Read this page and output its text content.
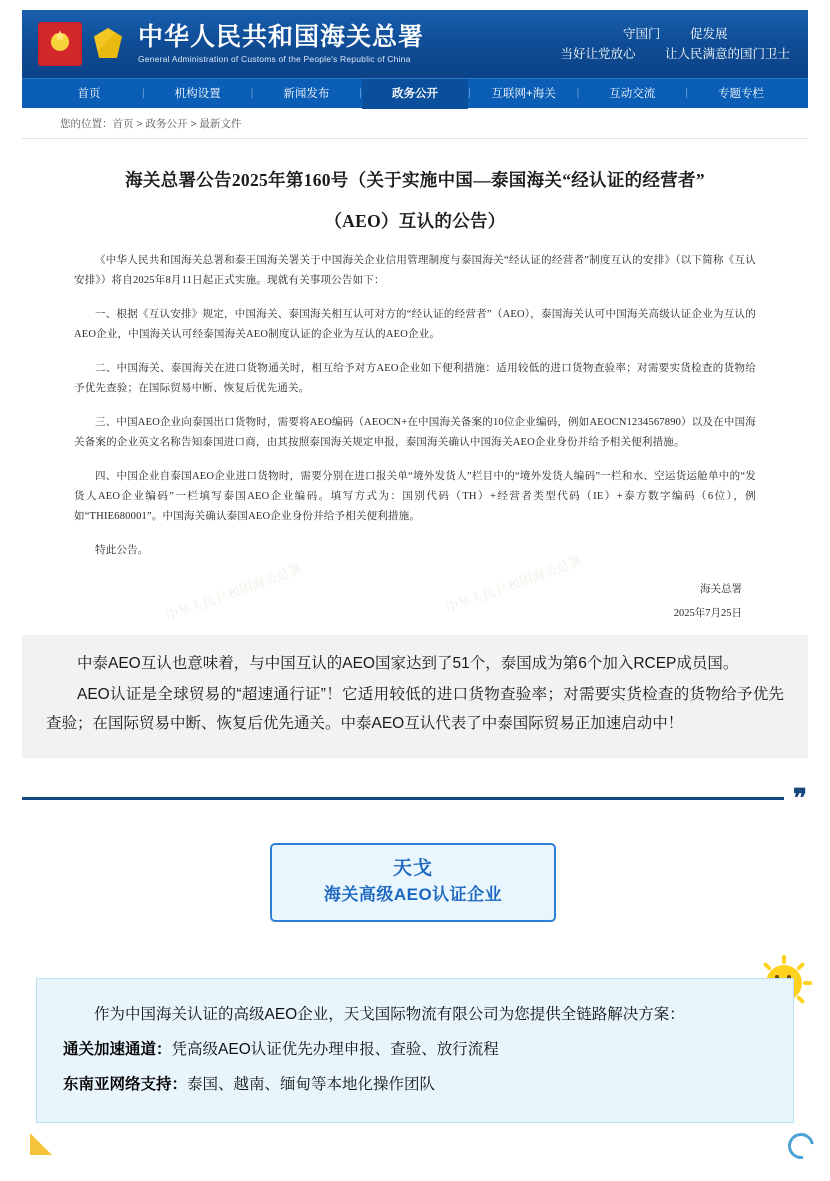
★
中华人民共和国海关总署
General Administration of Customs of the People's Republic of China
守国门 促发展
当好让党放心 让人民满意的国门卫士
首页	|	机构设置	|	新闻发布	|	政务公开	|	互联网+海关	|	互动交流	|	专题专栏
您的位置：首页 > 政务公开 > 最新文件
海关总署公告2025年第160号（关于实施中国—泰国海关“经认证的经营者”
（AEO）互认的公告）
《中华人民共和国海关总署和泰王国海关署关于中国海关企业信用管理制度与泰国海关“经认证的经营者”制度互认的安排》（以下简称《互认安排》）将自2025年8月11日起正式实施。现就有关事项公告如下：
一、根据《互认安排》规定，中国海关、泰国海关相互认可对方的“经认证的经营者”（AEO），泰国海关认可中国海关高级认证企业为互认的AEO企业，中国海关认可经泰国海关AEO制度认证的企业为互认的AEO企业。
二、中国海关、泰国海关在进口货物通关时，相互给予对方AEO企业如下便利措施：适用较低的进口货物查验率；对需要实货检查的货物给予优先查验；在国际贸易中断、恢复后优先通关。
三、中国AEO企业向泰国出口货物时，需要将AEO编码（AEOCN+在中国海关备案的10位企业编码，例如AEOCN1234567890）以及在中国海关备案的企业英文名称告知泰国进口商，由其按照泰国海关规定申报，泰国海关确认中国海关AEO企业身份并给予相关便利措施。
四、中国企业自泰国AEO企业进口货物时，需要分别在进口报关单“境外发货人”栏目中的“境外发货人编码”一栏和水、空运货运舱单中的“发货人AEO企业编码”一栏填写泰国AEO企业编码。填写方式为：国别代码（TH）+经营者类型代码（IE）+泰方数字编码（6位），例如“THIE680001”。中国海关确认泰国AEO企业身份并给予相关便利措施。
特此公告。
海关总署
2025年7月25日
中华人民共和国海关总署	中华人民共和国海关总署

中泰AEO互认也意味着，与中国互认的AEO国家达到了51个，泰国成为第6个加入RCEP成员国。

AEO认证是全球贸易的“超速通行证”！它适用较低的进口货物查验率；对需要实货检查的货物给予优先查验；在国际贸易中断、恢复后优先通关。中泰AEO互认代表了中泰国际贸易正加速启动中！

❞
天戈
海关高级AEO认证企业

作为中国海关认证的高级AEO企业，天戈国际物流有限公司为您提供全链路解决方案：

通关加速通道：凭高级AEO认证优先办理申报、查验、放行流程

东南亚网络支持：泰国、越南、缅甸等本地化操作团队
